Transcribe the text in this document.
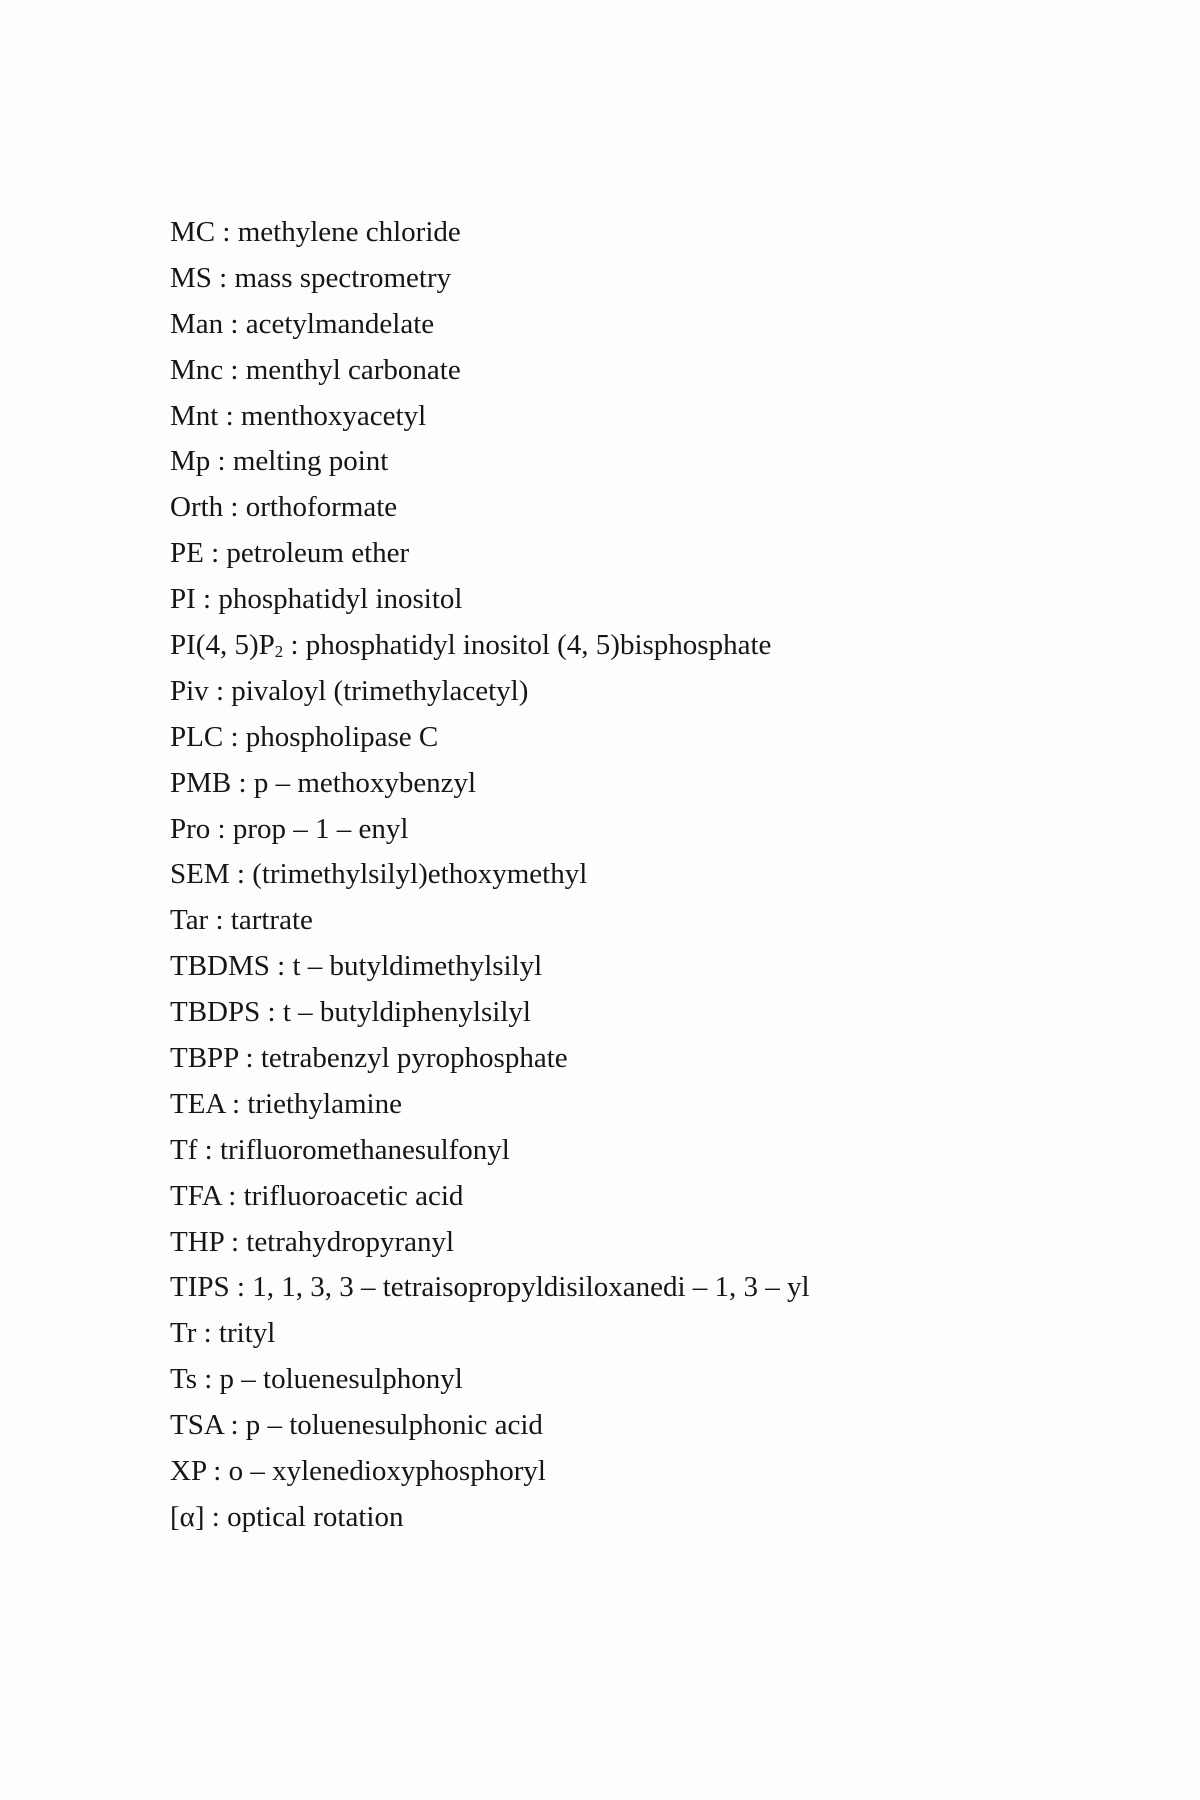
MC : methylene chloride
MS : mass spectrometry
Man : acetylmandelate
Mnc : menthyl carbonate
Mnt : menthoxyacetyl
Mp : melting point
Orth : orthoformate
PE : petroleum ether
PI : phosphatidyl inositol
PI(4, $5)P_2$ : phosphatidyl inositol (4, 5)bisphosphate
Piv : pivaloyl (trimethylacetyl)
PLC : phospholipase C
PMB : p – methoxybenzyl
Pro : prop – 1 – enyl
SEM : (trimethylsilyl)ethoxymethyl
Tar : tartrate
TBDMS : t – butyldimethylsilyl
TBDPS : t – butyldiphenylsilyl
TBPP : tetrabenzyl pyrophosphate
TEA : triethylamine
Tf : trifluoromethanesulfonyl
TFA : trifluoroacetic acid
THP : tetrahydropyranyl
TIPS : 1, 1, 3, 3 – tetraisopropyldisiloxanedi – 1, 3 – yl
Tr : trityl
Ts : p – toluenesulphonyl
TSA : p – toluenesulphonic acid
XP : o – xylenedioxyphosphoryl
[α] : optical rotation
